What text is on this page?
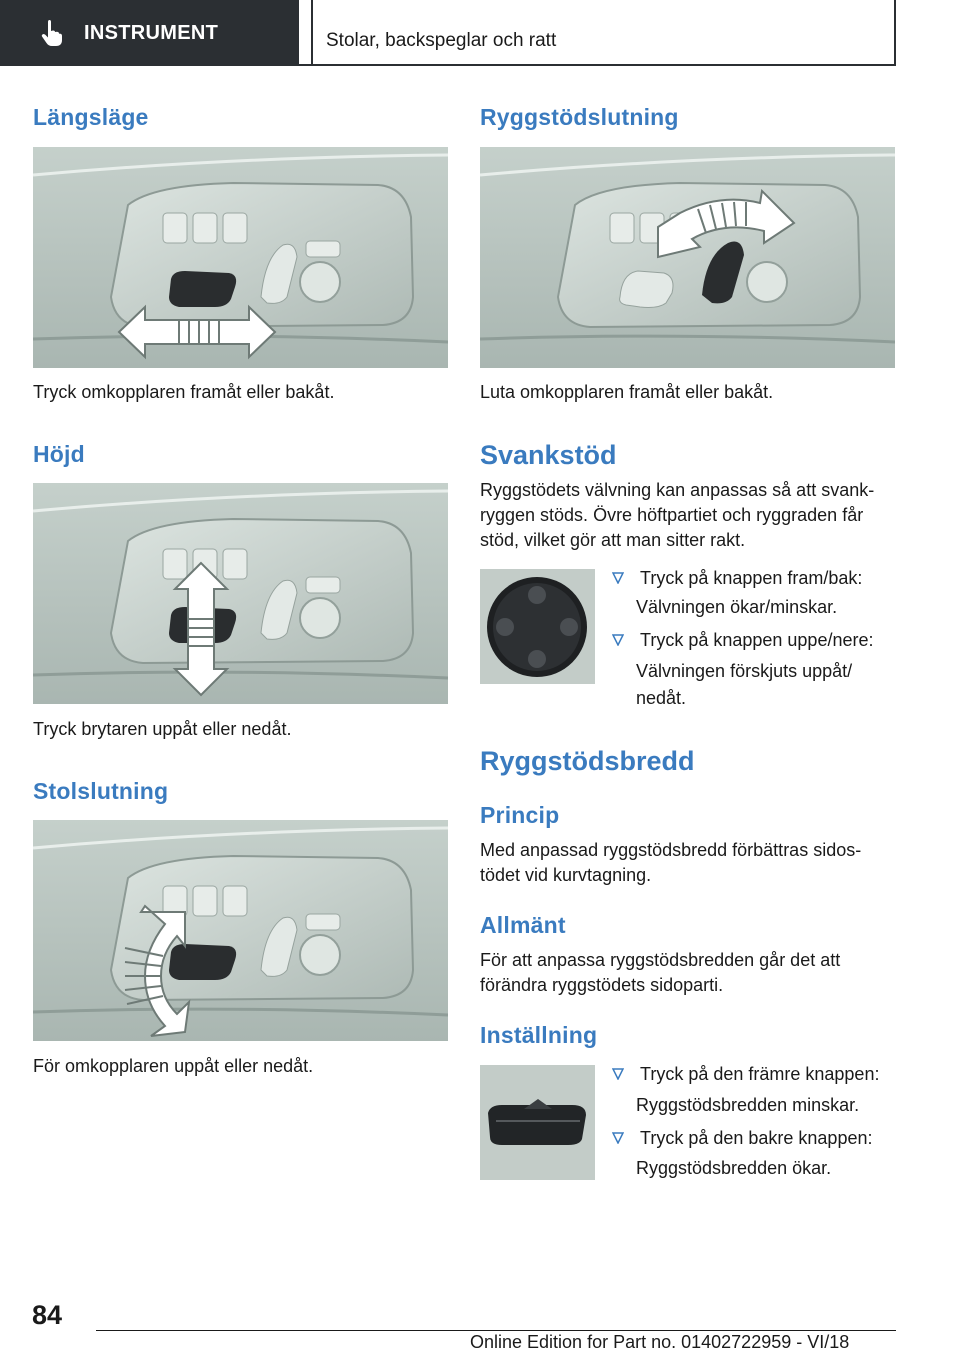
INSTRUMENT	Stolar, backspeglar och ratt
Längsläge
Tryck omkopplaren framåt eller bakåt.
Höjd
Tryck brytaren uppåt eller nedåt.
Stolslutning
För omkopplaren uppåt eller nedåt.
Ryggstödslutning
Luta omkopplaren framåt eller bakåt.
Svankstöd
Ryggstödets välvning kan anpassas så att svank-
ryggen stöds. Övre höftpartiet och ryggraden får
stöd, vilket gör att man sitter rakt.
Tryck på knappen fram/bak:
Välvningen ökar/minskar.
Tryck på knappen uppe/nere:
Välvningen förskjuts uppåt/
nedåt.
Ryggstödsbredd
Princip
Med anpassad ryggstödsbredd förbättras sidos-
tödet vid kurvtagning.
Allmänt
För att anpassa ryggstödsbredden går det att
förändra ryggstödets sidoparti.
Inställning
Tryck på den främre knappen:
Ryggstödsbredden minskar.
Tryck på den bakre knappen:
Ryggstödsbredden ökar.
84
Online Edition for Part no. 01402722959 - VI/18
